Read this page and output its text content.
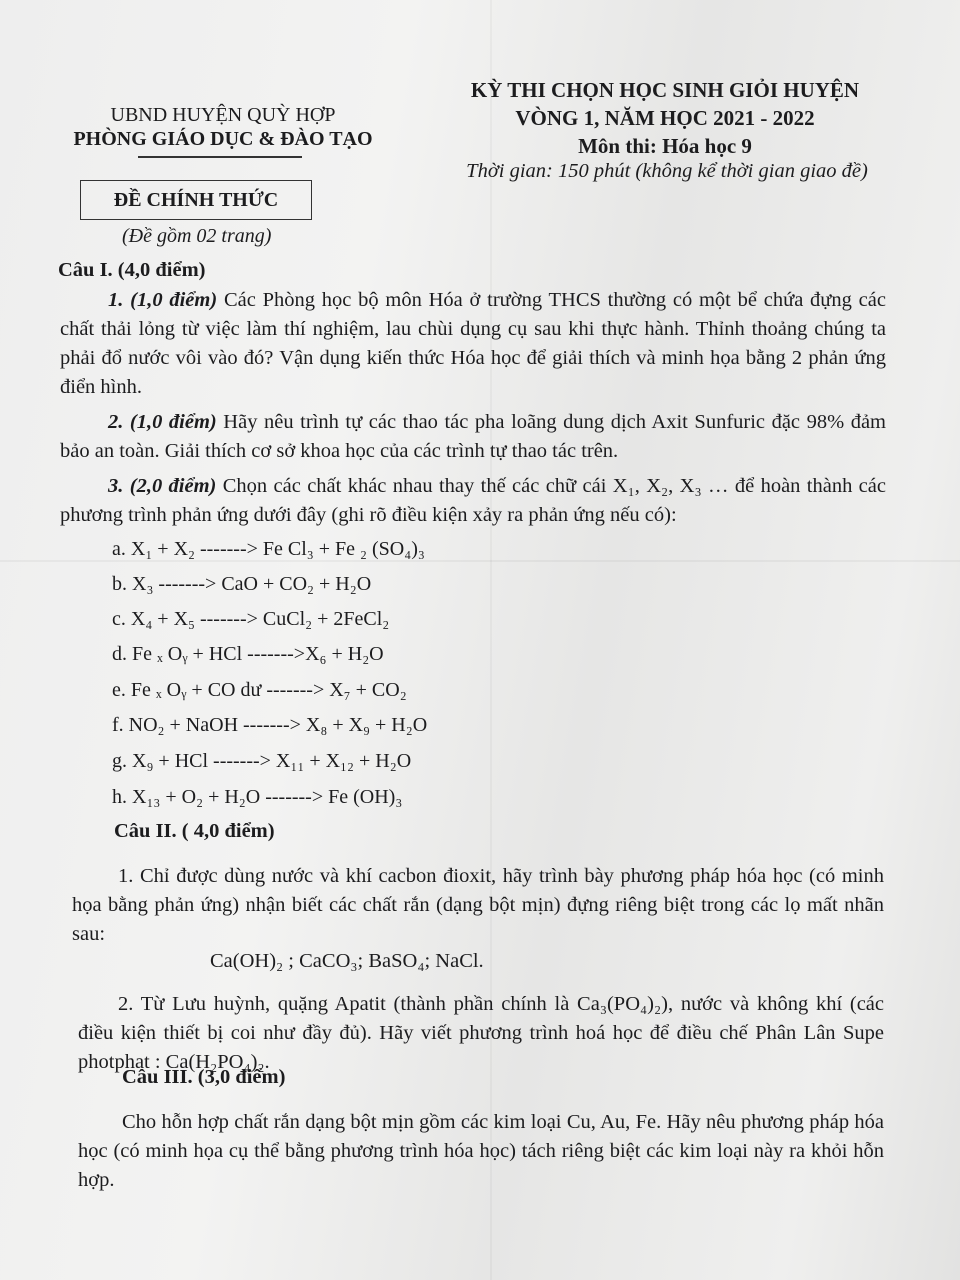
UBND HUYỆN QUỲ HỢP
PHÒNG GIÁO DỤC & ĐÀO TẠO
ĐỀ CHÍNH THỨC
(Đề gồm 02 trang)
KỲ THI CHỌN HỌC SINH GIỎI HUYỆN
VÒNG 1, NĂM HỌC 2021 - 2022
Môn thi: Hóa học 9
Thời gian: 150 phút (không kể thời gian giao đề)
Câu I. (4,0 điểm)
1. (1,0 điểm) Các Phòng học bộ môn Hóa ở trường THCS thường có một bể chứa đựng các chất thải lỏng từ việc làm thí nghiệm, lau chùi dụng cụ sau khi thực hành. Thỉnh thoảng chúng ta phải đổ nước vôi vào đó? Vận dụng kiến thức Hóa học để giải thích và minh họa bằng 2 phản ứng điển hình.
2. (1,0 điểm) Hãy nêu trình tự các thao tác pha loãng dung dịch Axit Sunfuric đặc 98% đảm bảo an toàn. Giải thích cơ sở khoa học của các trình tự thao tác trên.
3. (2,0 điểm) Chọn các chất khác nhau thay thế các chữ cái X₁, X₂, X₃ … để hoàn thành các phương trình phản ứng dưới đây (ghi rõ điều kiện xảy ra phản ứng nếu có):
a. X₁ + X₂ -------> Fe Cl₃ + Fe ₂ (SO₄)₃
b. X₃ -------> CaO + CO₂ + H₂O
c. X₄ + X₅ -------> CuCl₂ + 2FeCl₂
d. Fe ₓ Oᵧ + HCl ------->X₆ + H₂O
e. Fe ₓ Oᵧ + CO dư -------> X₇ + CO₂
f. NO₂ + NaOH -------> X₈ + X₉ + H₂O
g. X₉ + HCl -------> X₁₁ + X₁₂ + H₂O
h. X₁₃ + O₂ + H₂O -------> Fe (OH)₃
Câu II. ( 4,0 điểm)
1. Chỉ được dùng nước và khí cacbon đioxit, hãy trình bày phương pháp hóa học (có minh họa bằng phản ứng) nhận biết các chất rắn (dạng bột mịn) đựng riêng biệt trong các lọ mất nhãn sau:
Ca(OH)₂ ; CaCO₃; BaSO₄; NaCl.
2. Từ Lưu huỳnh, quặng Apatit (thành phần chính là Ca₃(PO₄)₂), nước và không khí (các điều kiện thiết bị coi như đầy đủ). Hãy viết phương trình hoá học để điều chế Phân Lân Supe photphat : Ca(H₂PO₄)₂.
Câu III. (3,0 điểm)
Cho hỗn hợp chất rắn dạng bột mịn gồm các kim loại Cu, Au, Fe. Hãy nêu phương pháp hóa học (có minh họa cụ thể bằng phương trình hóa học) tách riêng biệt các kim loại này ra khỏi hỗn hợp.
